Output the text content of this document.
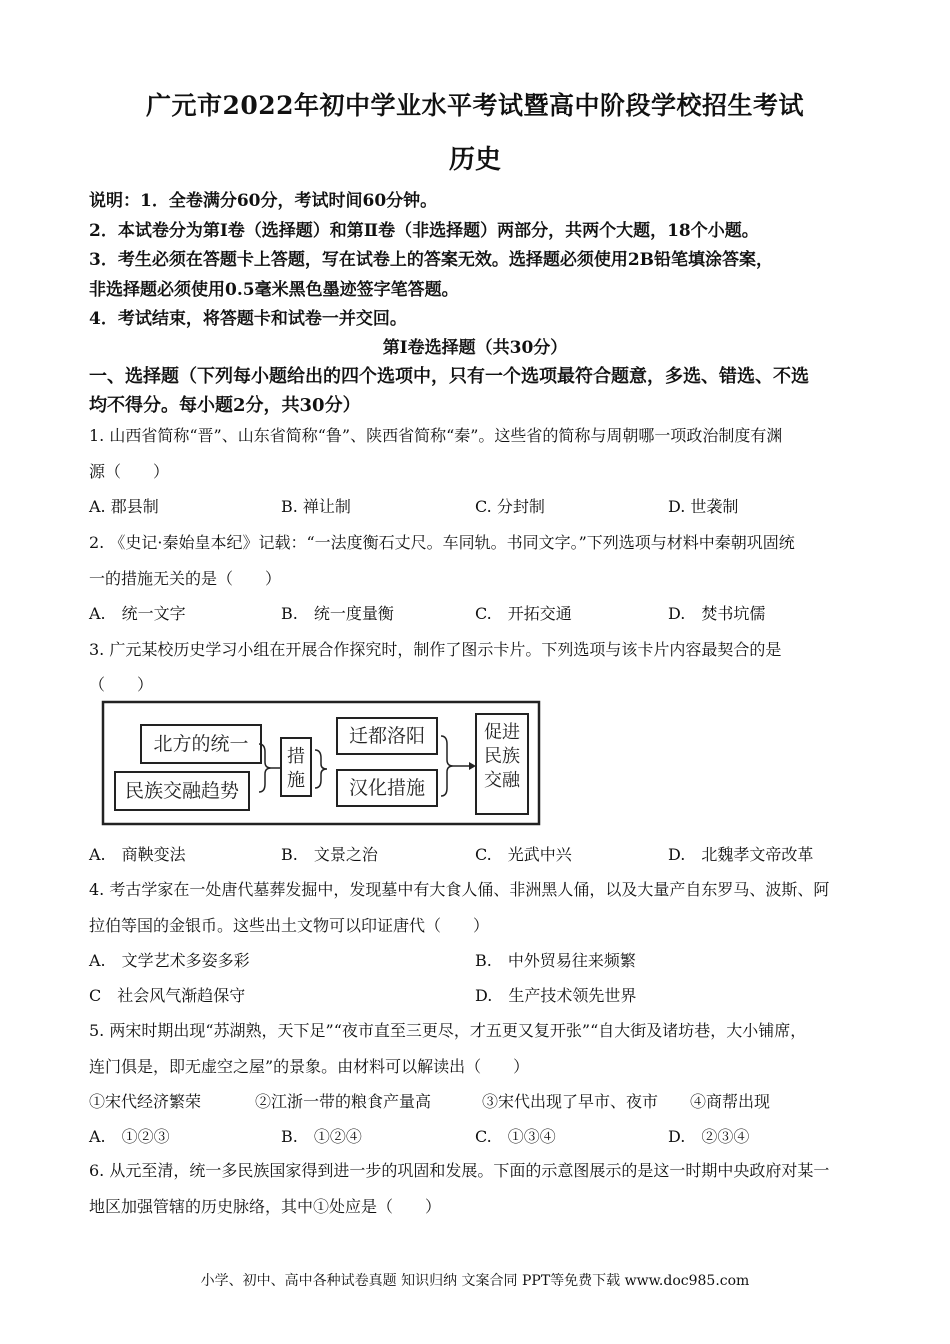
广元市2022年初中学业水平考试暨高中阶段学校招生考试
历史
说明：1．全卷满分60分，考试时间60分钟。
2．本试卷分为第Ⅰ卷（选择题）和第Ⅱ卷（非选择题）两部分，共两个大题，18个小题。
3．考生必须在答题卡上答题，写在试卷上的答案无效。选择题必须使用2B铅笔填涂答案，
非选择题必须使用0.5毫米黑色墨迹签字笔答题。
4．考试结束，将答题卡和试卷一并交回。
第Ⅰ卷选择题（共30分）
一、选择题（下列每小题给出的四个选项中，只有一个选项最符合题意，多选、错选、不选
均不得分。每小题2分，共30分）
1. 山西省简称“晋”、山东省简称“鲁”、陕西省简称“秦”。这些省的简称与周朝哪一项政治制度有渊
源（　　）
A. 郡县制	B. 禅让制	C. 分封制	D. 世袭制
2. 《史记·秦始皇本纪》记载：“一法度衡石丈尺。车同轨。书同文字。”下列选项与材料中秦朝巩固统
一的措施无关的是（　　）
A.　统一文字	B.　统一度量衡	C.　开拓交通	D.　焚书坑儒
3. 广元某校历史学习小组在开展合作探究时，制作了图示卡片。下列选项与该卡片内容最契合的是
（　　）
北方的统一
民族交融趋势
措
施
迁都洛阳
汉化措施
促进
民族
交融
A.　商鞅变法	B.　文景之治	C.　光武中兴	D.　北魏孝文帝改革
4. 考古学家在一处唐代墓葬发掘中，发现墓中有大食人俑、非洲黑人俑，以及大量产自东罗马、波斯、阿
拉伯等国的金银币。这些出土文物可以印证唐代（　　）
A.　文学艺术多姿多彩	B.　中外贸易往来频繁
C　社会风气渐趋保守	D.　生产技术领先世界
5. 两宋时期出现“苏湖熟，天下足”“夜市直至三更尽，才五更又复开张”“自大街及诸坊巷，大小铺席，
连门俱是，即无虚空之屋”的景象。由材料可以解读出（　　）
①宋代经济繁荣	②江浙一带的粮食产量高	③宋代出现了早市、夜市 ④商帮出现
A.　①②③	B.　①②④	C.　①③④	D.　②③④
6. 从元至清，统一多民族国家得到进一步的巩固和发展。下面的示意图展示的是这一时期中央政府对某一
地区加强管辖的历史脉络，其中①处应是（　　）
小学、初中、高中各种试卷真题 知识归纳 文案合同 PPT等免费下载 www.doc985.com
